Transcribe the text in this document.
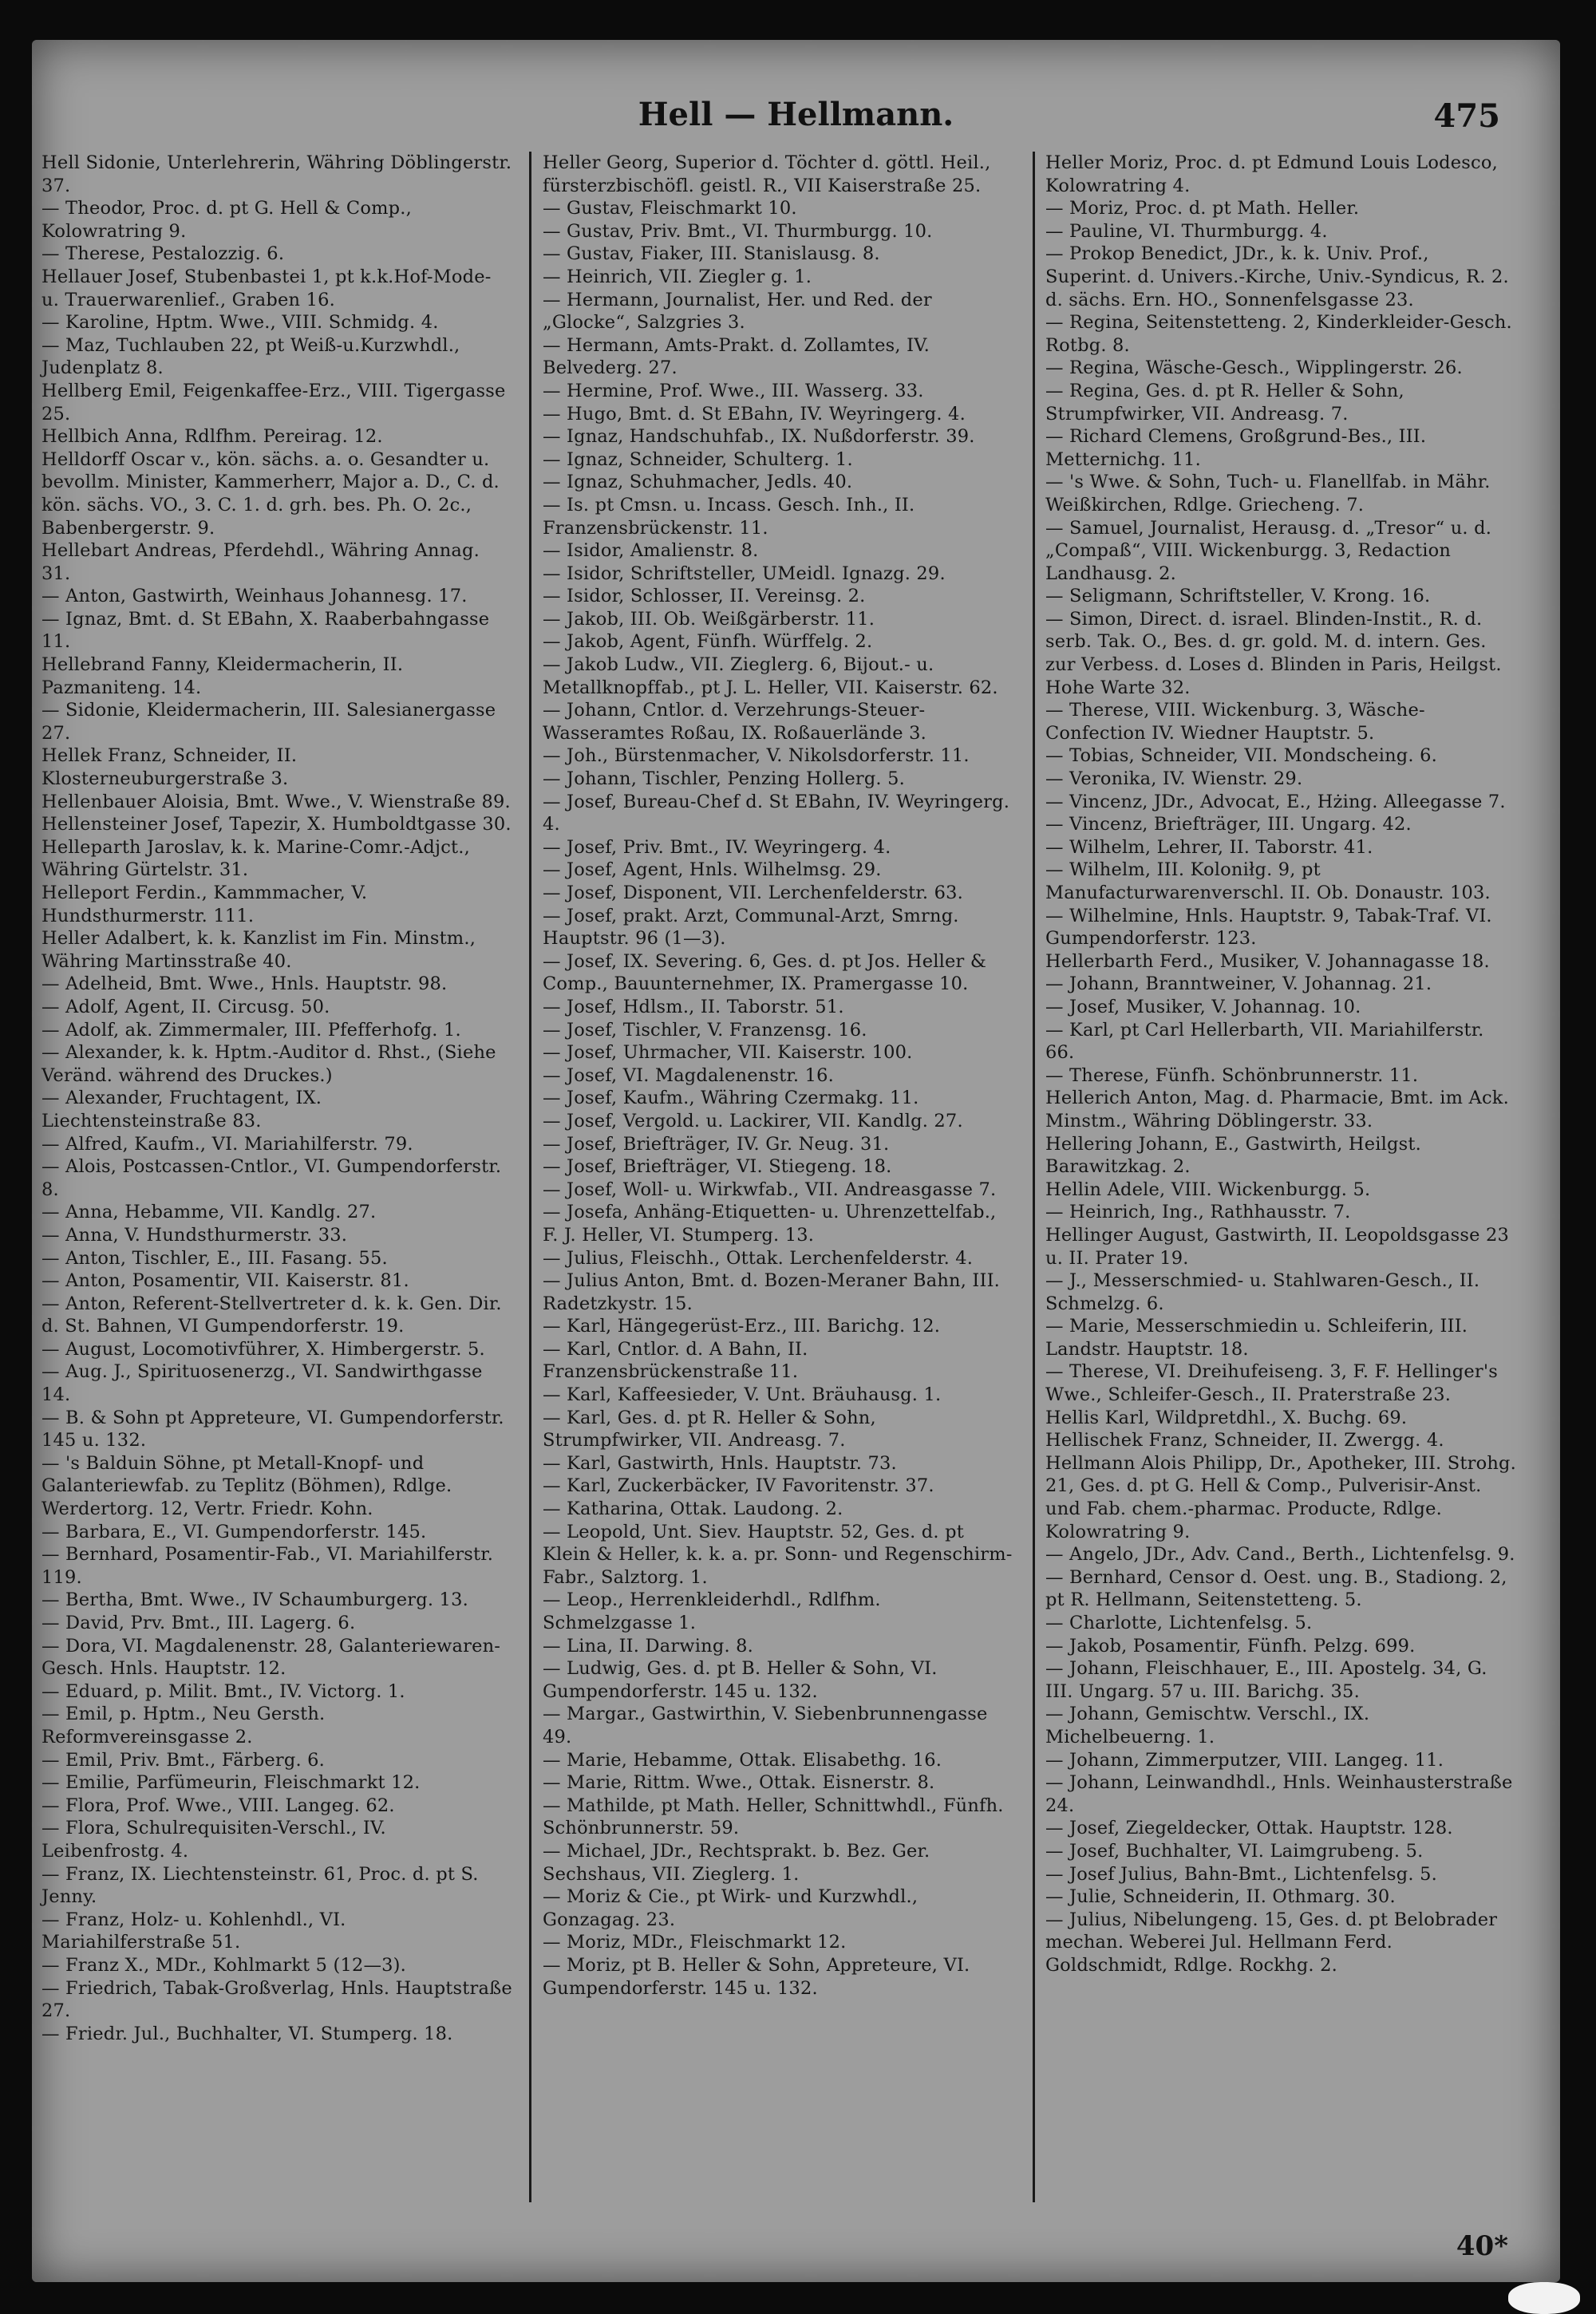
Hell — Hellmann.	475
Hell Sidonie, Unterlehrerin, Währing Döblingerstr. 37.
— Theodor, Proc. d. pt G. Hell & Comp., Kolowratring 9.
— Therese, Pestalozzig. 6.
Hellauer Josef, Stubenbastei 1, pt k.k.Hof-Mode- u. Trauerwarenlief., Graben 16.
— Karoline, Hptm. Wwe., VIII. Schmidg. 4.
— Maz, Tuchlauben 22, pt Weiß-u.Kurzwhdl., Judenplatz 8.
Hellberg Emil, Feigenkaffee-Erz., VIII. Tigergasse 25.
Hellbich Anna, Rdlfhm. Pereirag. 12.
Helldorff Oscar v., kön. sächs. a. o. Gesandter u. bevollm. Minister, Kammerherr, Major a. D., C. d. kön. sächs. VO., 3. C. 1. d. grh. bes. Ph. O. 2c., Babenbergerstr. 9.
Hellebart Andreas, Pferdehdl., Währing Annag. 31.
— Anton, Gastwirth, Weinhaus Johannesg. 17.
— Ignaz, Bmt. d. St EBahn, X. Raaberbahngasse 11.
Hellebrand Fanny, Kleidermacherin, II. Pazmaniteng. 14.
— Sidonie, Kleidermacherin, III. Salesianergasse 27.
Hellek Franz, Schneider, II. Klosterneuburgerstraße 3.
Hellenbauer Aloisia, Bmt. Wwe., V. Wienstraße 89.
Hellensteiner Josef, Tapezir, X. Humboldtgasse 30.
Helleparth Jaroslav, k. k. Marine-Comr.-Adjct., Währing Gürtelstr. 31.
Helleport Ferdin., Kammmacher, V. Hundsthurmerstr. 111.
Heller Adalbert, k. k. Kanzlist im Fin. Minstm., Währing Martinsstraße 40.
— Adelheid, Bmt. Wwe., Hnls. Hauptstr. 98.
— Adolf, Agent, II. Circusg. 50.
— Adolf, ak. Zimmermaler, III. Pfefferhofg. 1.
— Alexander, k. k. Hptm.-Auditor d. Rhst., (Siehe Veränd. während des Druckes.)
— Alexander, Fruchtagent, IX. Liechtensteinstraße 83.
— Alfred, Kaufm., VI. Mariahilferstr. 79.
— Alois, Postcassen-Cntlor., VI. Gumpendorferstr. 8.
— Anna, Hebamme, VII. Kandlg. 27.
— Anna, V. Hundsthurmerstr. 33.
— Anton, Tischler, E., III. Fasang. 55.
— Anton, Posamentir, VII. Kaiserstr. 81.
— Anton, Referent-Stellvertreter d. k. k. Gen. Dir. d. St. Bahnen, VI Gumpendorferstr. 19.
— August, Locomotivführer, X. Himbergerstr. 5.
— Aug. J., Spirituosenerzg., VI. Sandwirthgasse 14.
— B. & Sohn pt Appreteure, VI. Gumpendorferstr. 145 u. 132.
— 's Balduin Söhne, pt Metall-Knopf- und Galanteriewfab. zu Teplitz (Böhmen), Rdlge. Werdertorg. 12, Vertr. Friedr. Kohn.
— Barbara, E., VI. Gumpendorferstr. 145.
— Bernhard, Posamentir-Fab., VI. Mariahilferstr. 119.
— Bertha, Bmt. Wwe., IV Schaumburgerg. 13.
— David, Prv. Bmt., III. Lagerg. 6.
— Dora, VI. Magdalenenstr. 28, Galanteriewaren-Gesch. Hnls. Hauptstr. 12.
— Eduard, p. Milit. Bmt., IV. Victorg. 1.
— Emil, p. Hptm., Neu Gersth. Reformvereinsgasse 2.
— Emil, Priv. Bmt., Färberg. 6.
— Emilie, Parfümeurin, Fleischmarkt 12.
— Flora, Prof. Wwe., VIII. Langeg. 62.
— Flora, Schulrequisiten-Verschl., IV. Leibenfrostg. 4.
— Franz, IX. Liechtensteinstr. 61, Proc. d. pt S. Jenny.
— Franz, Holz- u. Kohlenhdl., VI. Mariahilferstraße 51.
— Franz X., MDr., Kohlmarkt 5 (12—3).
— Friedrich, Tabak-Großverlag, Hnls. Hauptstraße 27.
— Friedr. Jul., Buchhalter, VI. Stumperg. 18.
Heller Georg, Superior d. Töchter d. göttl. Heil., fürsterzbischöfl. geistl. R., VII Kaiserstraße 25.
— Gustav, Fleischmarkt 10.
— Gustav, Priv. Bmt., VI. Thurmburgg. 10.
— Gustav, Fiaker, III. Stanislausg. 8.
— Heinrich, VII. Ziegler g. 1.
— Hermann, Journalist, Her. und Red. der „Glocke“, Salzgries 3.
— Hermann, Amts-Prakt. d. Zollamtes, IV. Belvederg. 27.
— Hermine, Prof. Wwe., III. Wasserg. 33.
— Hugo, Bmt. d. St EBahn, IV. Weyringerg. 4.
— Ignaz, Handschuhfab., IX. Nußdorferstr. 39.
— Ignaz, Schneider, Schulterg. 1.
— Ignaz, Schuhmacher, Jedls. 40.
— Is. pt Cmsn. u. Incass. Gesch. Inh., II. Franzensbrückenstr. 11.
— Isidor, Amalienstr. 8.
— Isidor, Schriftsteller, UMeidl. Ignazg. 29.
— Isidor, Schlosser, II. Vereinsg. 2.
— Jakob, III. Ob. Weißgärberstr. 11.
— Jakob, Agent, Fünfh. Würffelg. 2.
— Jakob Ludw., VII. Zieglerg. 6, Bijout.- u. Metallknopffab., pt J. L. Heller, VII. Kaiserstr. 62.
— Johann, Cntlor. d. Verzehrungs-Steuer-Wasseramtes Roßau, IX. Roßauerlände 3.
— Joh., Bürstenmacher, V. Nikolsdorferstr. 11.
— Johann, Tischler, Penzing Hollerg. 5.
— Josef, Bureau-Chef d. St EBahn, IV. Weyringerg. 4.
— Josef, Priv. Bmt., IV. Weyringerg. 4.
— Josef, Agent, Hnls. Wilhelmsg. 29.
— Josef, Disponent, VII. Lerchenfelderstr. 63.
— Josef, prakt. Arzt, Communal-Arzt, Smrng. Hauptstr. 96 (1—3).
— Josef, IX. Severing. 6, Ges. d. pt Jos. Heller & Comp., Bauunternehmer, IX. Pramergasse 10.
— Josef, Hdlsm., II. Taborstr. 51.
— Josef, Tischler, V. Franzensg. 16.
— Josef, Uhrmacher, VII. Kaiserstr. 100.
— Josef, VI. Magdalenenstr. 16.
— Josef, Kaufm., Währing Czermakg. 11.
— Josef, Vergold. u. Lackirer, VII. Kandlg. 27.
— Josef, Briefträger, IV. Gr. Neug. 31.
— Josef, Briefträger, VI. Stiegeng. 18.
— Josef, Woll- u. Wirkwfab., VII. Andreasgasse 7.
— Josefa, Anhäng-Etiquetten- u. Uhrenzettelfab., F. J. Heller, VI. Stumperg. 13.
— Julius, Fleischh., Ottak. Lerchenfelderstr. 4.
— Julius Anton, Bmt. d. Bozen-Meraner Bahn, III. Radetzkystr. 15.
— Karl, Hängegerüst-Erz., III. Barichg. 12.
— Karl, Cntlor. d. A Bahn, II. Franzensbrückenstraße 11.
— Karl, Kaffeesieder, V. Unt. Bräuhausg. 1.
— Karl, Ges. d. pt R. Heller & Sohn, Strumpfwirker, VII. Andreasg. 7.
— Karl, Gastwirth, Hnls. Hauptstr. 73.
— Karl, Zuckerbäcker, IV Favoritenstr. 37.
— Katharina, Ottak. Laudong. 2.
— Leopold, Unt. Siev. Hauptstr. 52, Ges. d. pt Klein & Heller, k. k. a. pr. Sonn- und Regenschirm-Fabr., Salztorg. 1.
— Leop., Herrenkleiderhdl., Rdlfhm. Schmelzgasse 1.
— Lina, II. Darwing. 8.
— Ludwig, Ges. d. pt B. Heller & Sohn, VI. Gumpendorferstr. 145 u. 132.
— Margar., Gastwirthin, V. Siebenbrunnengasse 49.
— Marie, Hebamme, Ottak. Elisabethg. 16.
— Marie, Rittm. Wwe., Ottak. Eisnerstr. 8.
— Mathilde, pt Math. Heller, Schnittwhdl., Fünfh. Schönbrunnerstr. 59.
— Michael, JDr., Rechtsprakt. b. Bez. Ger. Sechshaus, VII. Zieglerg. 1.
— Moriz & Cie., pt Wirk- und Kurzwhdl., Gonzagag. 23.
— Moriz, MDr., Fleischmarkt 12.
— Moriz, pt B. Heller & Sohn, Appreteure, VI. Gumpendorferstr. 145 u. 132.
Heller Moriz, Proc. d. pt Edmund Louis Lodesco, Kolowratring 4.
— Moriz, Proc. d. pt Math. Heller.
— Pauline, VI. Thurmburgg. 4.
— Prokop Benedict, JDr., k. k. Univ. Prof., Superint. d. Univers.-Kirche, Univ.-Syndicus, R. 2. d. sächs. Ern. HO., Sonnenfelsgasse 23.
— Regina, Seitenstetteng. 2, Kinderkleider-Gesch. Rotbg. 8.
— Regina, Wäsche-Gesch., Wipplingerstr. 26.
— Regina, Ges. d. pt R. Heller & Sohn, Strumpfwirker, VII. Andreasg. 7.
— Richard Clemens, Großgrund-Bes., III. Metternichg. 11.
— 's Wwe. & Sohn, Tuch- u. Flanellfab. in Mähr. Weißkirchen, Rdlge. Griecheng. 7.
— Samuel, Journalist, Herausg. d. „Tresor“ u. d. „Compaß“, VIII. Wickenburgg. 3, Redaction Landhausg. 2.
— Seligmann, Schriftsteller, V. Krong. 16.
— Simon, Direct. d. israel. Blinden-Instit., R. d. serb. Tak. O., Bes. d. gr. gold. M. d. intern. Ges. zur Verbess. d. Loses d. Blinden in Paris, Heilgst. Hohe Warte 32.
— Therese, VIII. Wickenburg. 3, Wäsche-Confection IV. Wiedner Hauptstr. 5.
— Tobias, Schneider, VII. Mondscheing. 6.
— Veronika, IV. Wienstr. 29.
— Vincenz, JDr., Advocat, E., Hżing. Alleegasse 7.
— Vincenz, Briefträger, III. Ungarg. 42.
— Wilhelm, Lehrer, II. Taborstr. 41.
— Wilhelm, III. Koloniłg. 9, pt Manufacturwarenverschl. II. Ob. Donaustr. 103.
— Wilhelmine, Hnls. Hauptstr. 9, Tabak-Traf. VI. Gumpendorferstr. 123.
Hellerbarth Ferd., Musiker, V. Johannagasse 18.
— Johann, Branntweiner, V. Johannag. 21.
— Josef, Musiker, V. Johannag. 10.
— Karl, pt Carl Hellerbarth, VII. Mariahilferstr. 66.
— Therese, Fünfh. Schönbrunnerstr. 11.
Hellerich Anton, Mag. d. Pharmacie, Bmt. im Ack. Minstm., Währing Döblingerstr. 33.
Hellering Johann, E., Gastwirth, Heilgst. Barawitzkag. 2.
Hellin Adele, VIII. Wickenburgg. 5.
— Heinrich, Ing., Rathhausstr. 7.
Hellinger August, Gastwirth, II. Leopoldsgasse 23 u. II. Prater 19.
— J., Messerschmied- u. Stahlwaren-Gesch., II. Schmelzg. 6.
— Marie, Messerschmiedin u. Schleiferin, III. Landstr. Hauptstr. 18.
— Therese, VI. Dreihufeiseng. 3, F. F. Hellinger's Wwe., Schleifer-Gesch., II. Praterstraße 23.
Hellis Karl, Wildpretdhl., X. Buchg. 69.
Hellischek Franz, Schneider, II. Zwergg. 4.
Hellmann Alois Philipp, Dr., Apotheker, III. Strohg. 21, Ges. d. pt G. Hell & Comp., Pulverisir-Anst. und Fab. chem.-pharmac. Producte, Rdlge. Kolowratring 9.
— Angelo, JDr., Adv. Cand., Berth., Lichtenfelsg. 9.
— Bernhard, Censor d. Oest. ung. B., Stadiong. 2, pt R. Hellmann, Seitenstetteng. 5.
— Charlotte, Lichtenfelsg. 5.
— Jakob, Posamentir, Fünfh. Pelzg. 699.
— Johann, Fleischhauer, E., III. Apostelg. 34, G. III. Ungarg. 57 u. III. Barichg. 35.
— Johann, Gemischtw. Verschl., IX. Michelbeuerng. 1.
— Johann, Zimmerputzer, VIII. Langeg. 11.
— Johann, Leinwandhdl., Hnls. Weinhausterstraße 24.
— Josef, Ziegeldecker, Ottak. Hauptstr. 128.
— Josef, Buchhalter, VI. Laimgrubeng. 5.
— Josef Julius, Bahn-Bmt., Lichtenfelsg. 5.
— Julie, Schneiderin, II. Othmarg. 30.
— Julius, Nibelungeng. 15, Ges. d. pt Belobrader mechan. Weberei Jul. Hellmann Ferd. Goldschmidt, Rdlge. Rockhg. 2.
40*
